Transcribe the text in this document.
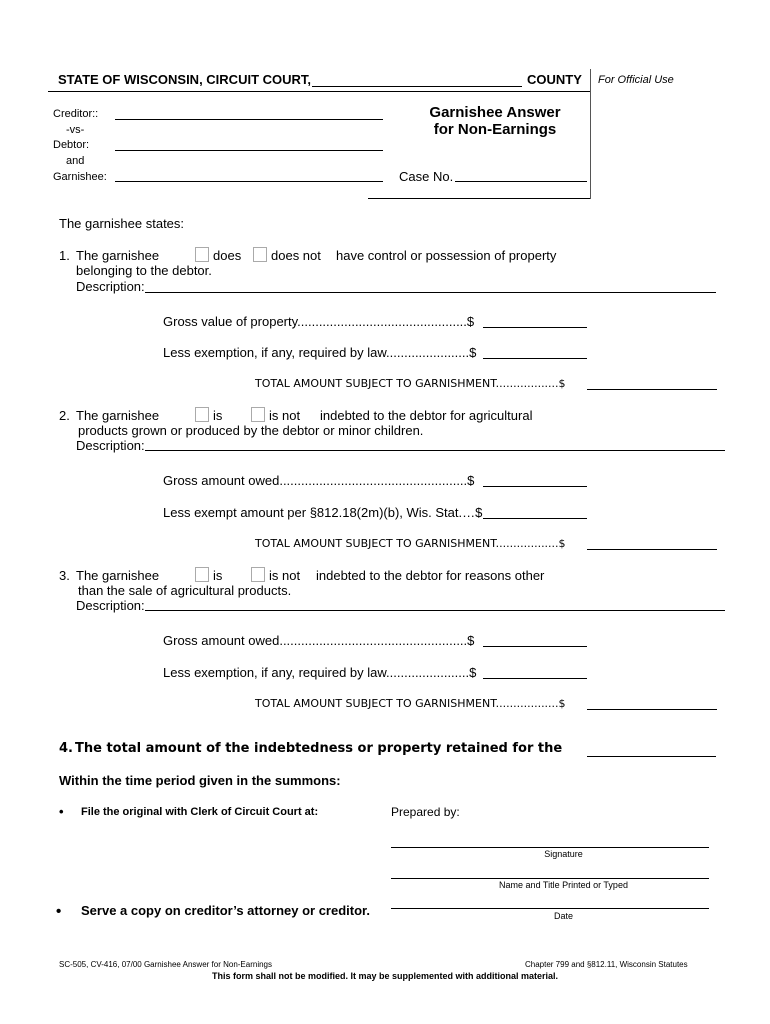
STATE OF WISCONSIN, CIRCUIT COURT,	COUNTY For Official Use
Creditor::
-vs-
Debtor:
and
Garnishee:
Garnishee Answer
for Non-Earnings
Case No.
The garnishee states:
1. The garnishee	does does not have control or possession of property
belonging to the debtor.
Description:
Gross value of property...............................................$
Less exemption, if any, required by law.......................$
TOTAL AMOUNT SUBJECT TO GARNISHMENT..................$
2. The garnishee	is	is not indebted to the debtor for agricultural
products grown or produced by the debtor or minor children.
Description:
Gross amount owed....................................................$
Less exempt amount per §812.18(2m)(b), Wis. Stat.…$
TOTAL AMOUNT SUBJECT TO GARNISHMENT..................$
3. The garnishee	is	is not indebted to the debtor for reasons other
than the sale of agricultural products.
Description:
Gross amount owed....................................................$
Less exemption, if any, required by law.......................$
TOTAL AMOUNT SUBJECT TO GARNISHMENT..................$
4. The total amount of the indebtedness or property retained for the
Within the time period given in the summons:
• File the original with Clerk of Circuit Court at:
• Serve a copy on creditor’s attorney or creditor.
Prepared by:
Signature
Name and Title Printed or Typed
Date
SC-505, CV-416, 07/00 Garnishee Answer for Non-Earnings	Chapter 799 and §812.11, Wisconsin Statutes
This form shall not be modified. It may be supplemented with additional material.
